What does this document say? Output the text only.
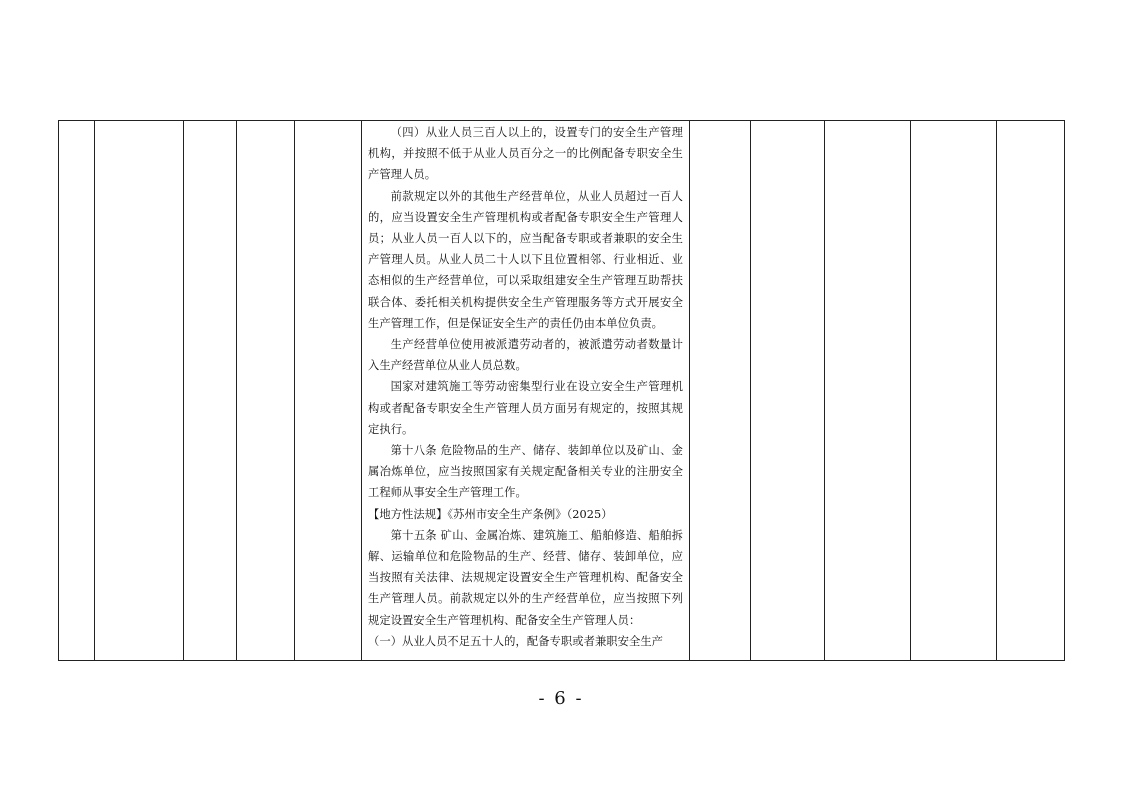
（四）从业人员三百人以上的，设置专门的安全生产管理机构，并按照不低于从业人员百分之一的比例配备专职安全生产管理人员。

前款规定以外的其他生产经营单位，从业人员超过一百人的，应当设置安全生产管理机构或者配备专职安全生产管理人员；从业人员一百人以下的，应当配备专职或者兼职的安全生产管理人员。从业人员二十人以下且位置相邻、行业相近、业态相似的生产经营单位，可以采取组建安全生产管理互助帮扶联合体、委托相关机构提供安全生产管理服务等方式开展安全生产管理工作，但是保证安全生产的责任仍由本单位负责。

生产经营单位使用被派遣劳动者的，被派遣劳动者数量计入生产经营单位从业人员总数。

国家对建筑施工等劳动密集型行业在设立安全生产管理机构或者配备专职安全生产管理人员方面另有规定的，按照其规定执行。

第十八条 危险物品的生产、储存、装卸单位以及矿山、金属冶炼单位，应当按照国家有关规定配备相关专业的注册安全工程师从事安全生产管理工作。

【地方性法规】《苏州市安全生产条例》（2025）

第十五条 矿山、金属冶炼、建筑施工、船舶修造、船舶拆解、运输单位和危险物品的生产、经营、储存、装卸单位，应当按照有关法律、法规规定设置安全生产管理机构、配备安全生产管理人员。前款规定以外的生产经营单位，应当按照下列规定设置安全生产管理机构、配备安全生产管理人员：

（一）从业人员不足五十人的，配备专职或者兼职安全生产

- 6 -
